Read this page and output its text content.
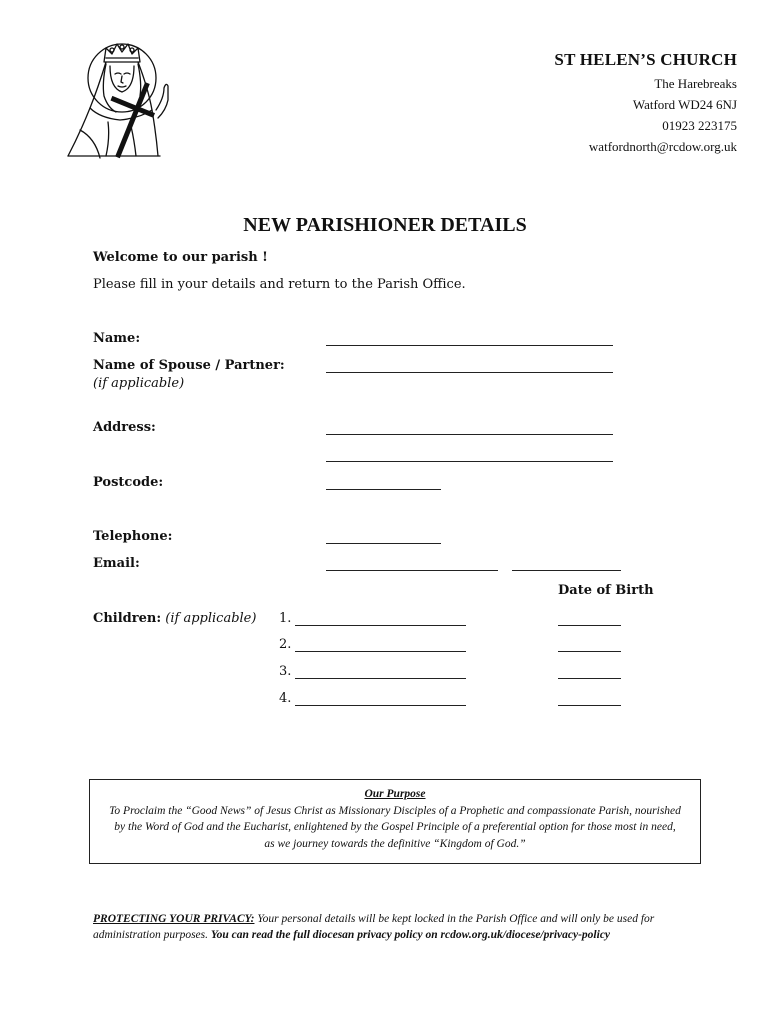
ST HELEN’S CHURCH
The Harebreaks
Watford WD24 6NJ
01923 223175
watfordnorth@rcdow.org.uk
NEW PARISHIONER DETAILS
Welcome to our parish !
Please fill in your details and return to the Parish Office.
Name:
Name of Spouse / Partner:
(if applicable)
Address:
Postcode:
Telephone:
Email:
Date of Birth
Children: (if applicable) 1.
2.
3.
4.
Our Purpose
To Proclaim the “Good News” of Jesus Christ as Missionary Disciples of a Prophetic and compassionate Parish, nourished by the Word of God and the Eucharist, enlightened by the Gospel Principle of a preferential option for those most in need, as we journey towards the definitive “Kingdom of God.”
PROTECTING YOUR PRIVACY: Your personal details will be kept locked in the Parish Office and will only be used for administration purposes. You can read the full diocesan privacy policy on rcdow.org.uk/diocese/privacy-policy
